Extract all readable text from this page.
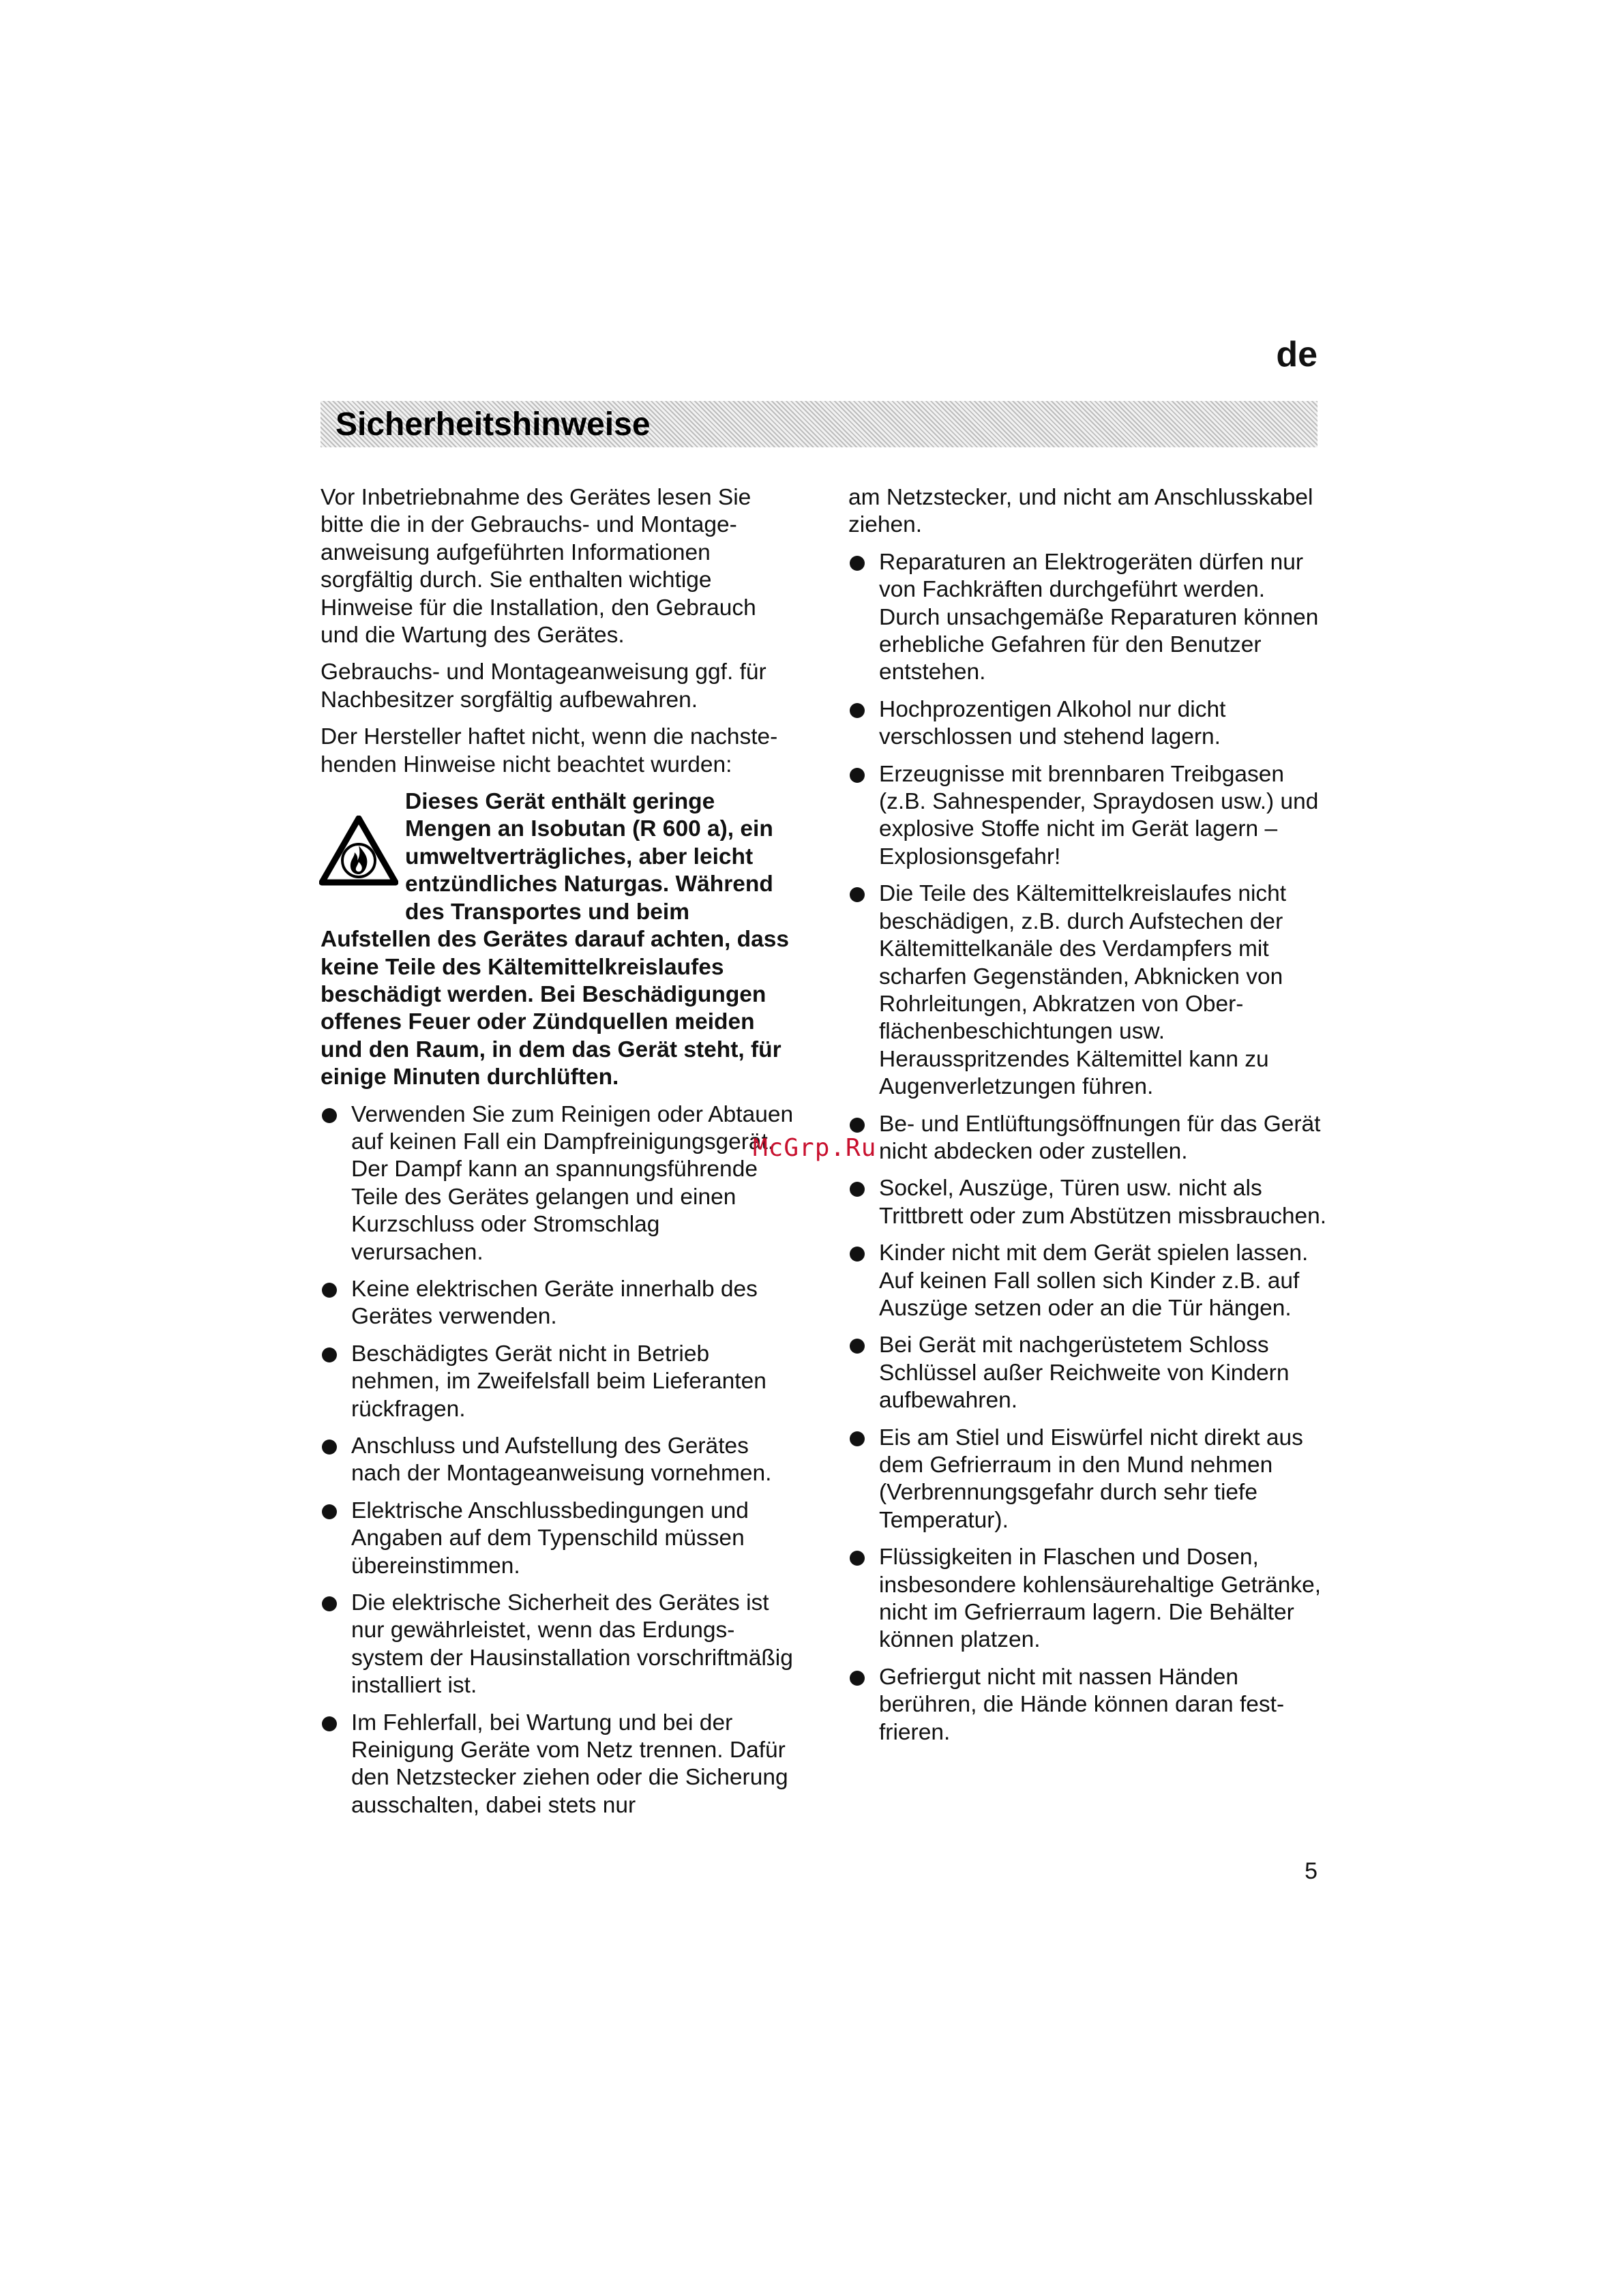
de
Sicherheitshinweise

Vor Inbetriebnahme des Gerätes lesen Sie bitte die in der Gebrauchs- und Montageanweisung aufgeführten Informationen sorgfältig durch. Sie enthalten wichtige Hinweise für die Installation, den Gebrauch und die Wartung des Gerätes.

Gebrauchs- und Montageanweisung ggf. für Nachbesitzer sorgfältig aufbewahren.

Der Hersteller haftet nicht, wenn die nachstehenden Hinweise nicht beachtet wurden:

Dieses Gerät enthält geringe Mengen an Isobutan (R 600 a), ein umweltverträgliches, aber leicht entzündliches Naturgas. Während des Transportes und beim Aufstellen des Gerätes darauf achten, dass keine Teile des Kältemittelkreislaufes beschädigt werden. Bei Beschädigungen offenes Feuer oder Zündquellen meiden und den Raum, in dem das Gerät steht, für einige Minuten durchlüften.
Verwenden Sie zum Reinigen oder Abtauen auf keinen Fall ein Dampfreinigungsgerät. Der Dampf kann an spannungsführende Teile des Gerätes gelangen und einen Kurzschluss oder Stromschlag verursachen.
Keine elektrischen Geräte innerhalb des Gerätes verwenden.
Beschädigtes Gerät nicht in Betrieb nehmen, im Zweifelsfall beim Lieferanten rückfragen.
Anschluss und Aufstellung des Gerätes nach der Montageanweisung vornehmen.
Elektrische Anschlussbedingungen und Angaben auf dem Typenschild müssen übereinstimmen.
Die elektrische Sicherheit des Gerätes ist nur gewährleistet, wenn das Erdungssystem der Hausinstallation vorschriftmäßig installiert ist.
Im Fehlerfall, bei Wartung und bei der Reinigung Geräte vom Netz trennen. Dafür den Netzstecker ziehen oder die Sicherung ausschalten, dabei stets nur

am Netzstecker, und nicht am Anschlusskabel ziehen.

Reparaturen an Elektrogeräten dürfen nur von Fachkräften durchgeführt werden. Durch unsachgemäße Reparaturen können erhebliche Gefahren für den Benutzer entstehen.
Hochprozentigen Alkohol nur dicht verschlossen und stehend lagern.
Erzeugnisse mit brennbaren Treibgasen (z.B. Sahnespender, Spraydosen usw.) und explosive Stoffe nicht im Gerät lagern – Explosionsgefahr!
Die Teile des Kältemittelkreislaufes nicht beschädigen, z.B. durch Aufstechen der Kältemittelkanäle des Verdampfers mit scharfen Gegenständen, Abknicken von Rohrleitungen, Abkratzen von Oberflächenbeschichtungen usw. Herausspritzendes Kältemittel kann zu Augenverletzungen führen.
Be- und Entlüftungsöffnungen für das Gerät nicht abdecken oder zustellen.
Sockel, Auszüge, Türen usw. nicht als Trittbrett oder zum Abstützen missbrauchen.
Kinder nicht mit dem Gerät spielen lassen. Auf keinen Fall sollen sich Kinder z.B. auf Auszüge setzen oder an die Tür hängen.
Bei Gerät mit nachgerüstetem Schloss Schlüssel außer Reichweite von Kindern aufbewahren.
Eis am Stiel und Eiswürfel nicht direkt aus dem Gefrierraum in den Mund nehmen (Verbrennungsgefahr durch sehr tiefe Temperatur).
Flüssigkeiten in Flaschen und Dosen, insbesondere kohlensäurehaltige Getränke, nicht im Gefrierraum lagern. Die Behälter können platzen.
Gefriergut nicht mit nassen Händen berühren, die Hände können daran festfrieren.
McGrp.Ru
5
